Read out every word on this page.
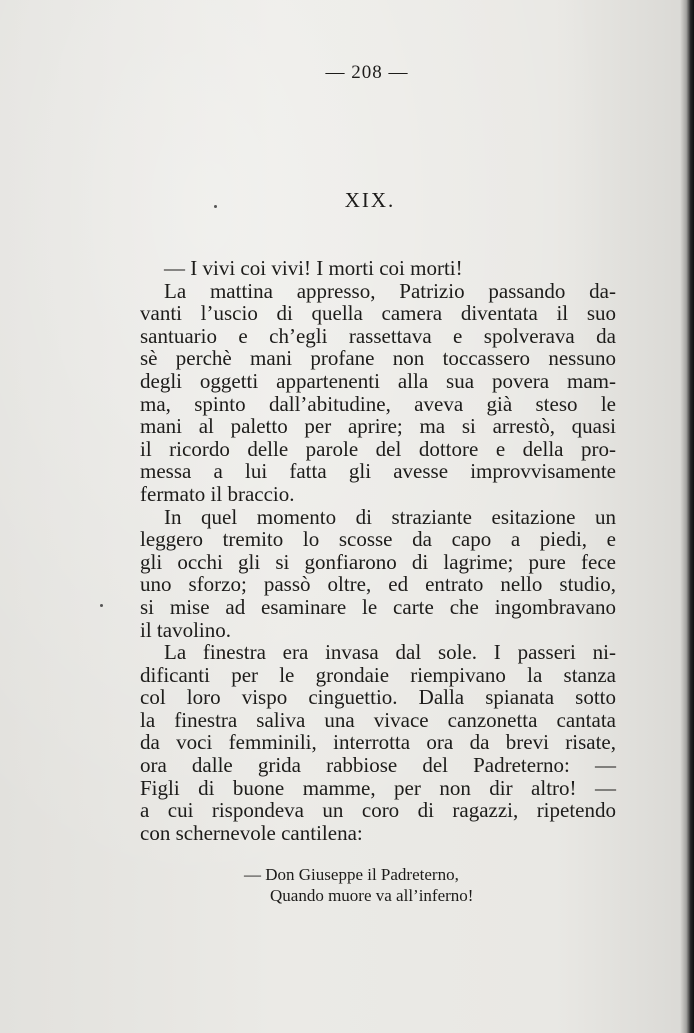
— 208 —
XIX.
— I vivi coi vivi! I morti coi morti!
La mattina appresso, Patrizio passando da-
vanti l’uscio di quella camera diventata il suo
santuario e ch’egli rassettava e spolverava da
sè perchè mani profane non toccassero nessuno
degli oggetti appartenenti alla sua povera mam-
ma, spinto dall’abitudine, aveva già steso le
mani al paletto per aprire; ma si arrestò, quasi
il ricordo delle parole del dottore e della pro-
messa a lui fatta gli avesse improvvisamente
fermato il braccio.
In quel momento di straziante esitazione un
leggero tremito lo scosse da capo a piedi, e
gli occhi gli si gonfiarono di lagrime; pure fece
uno sforzo; passò oltre, ed entrato nello studio,
si mise ad esaminare le carte che ingombravano
il tavolino.
La finestra era invasa dal sole. I passeri ni-
dificanti per le grondaie riempivano la stanza
col loro vispo cinguettio. Dalla spianata sotto
la finestra saliva una vivace canzonetta cantata
da voci femminili, interrotta ora da brevi risate,
ora dalle grida rabbiose del Padreterno: —
Figli di buone mamme, per non dir altro! —
a cui rispondeva un coro di ragazzi, ripetendo
con schernevole cantilena:
— Don Giuseppe il Padreterno,
Quando muore va all’inferno!
